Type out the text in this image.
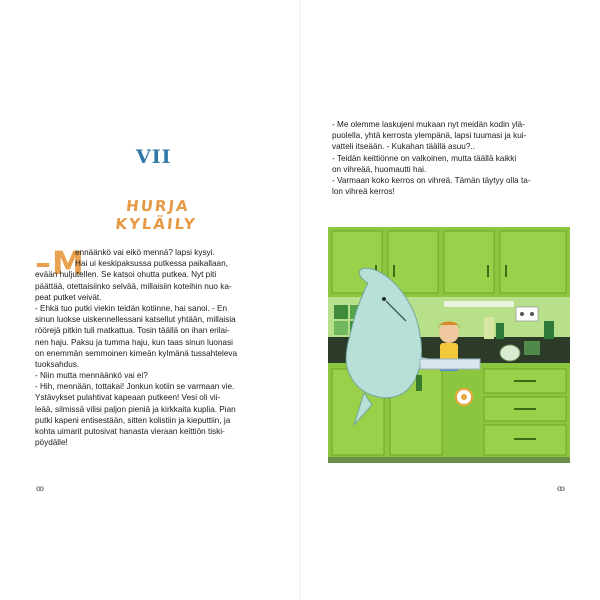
VII
HURJA KYLÄILY
– M
ennäänkö vai eikö mennä? lapsi kysyi.
Hai ui keskipaksussa putkessa paikallaan,
evään huljutellen. Se katsoi ohutta putkea. Nyt piti
päättää, otettaisiinko selvää, millaisiin koteihin nuo ka-
peat putket veivät.
- Ehkä tuo putki viekin teidän kotiinne, hai sanoi. - En
sinun luokse uiskennellessani katsellut yhtään, millaisia
röörejä pitkin tuli matkattua. Tosin täällä on ihan erilai-
nen haju. Paksu ja tumma haju, kun taas sinun luonasi
on enemmän semmoinen kimeän kylmänä tussahteleva
tuoksahdus.
- Niin mutta mennäänkö vai ei?
- Hih, mennään, tottakai! Jonkun kotiin se varmaan vie.
Ystävykset pulahtivat kapeaan putkeen! Vesi oli vii-
leää, silmissä vilisi paljon pieniä ja kirkkaita kuplia. Pian
putki kapeni entisestään, sitten kolistiin ja kieputtiin, ja
kohta uimarit putosivat hanasta vieraan keittiön tiski-
pöydälle!
ꝏ
- Me olemme laskujeni mukaan nyt meidän kodin ylä-
puolella, yhtä kerrosta ylempänä, lapsi tuumasi ja kui-
vatteli itseään. - Kukahan täällä asuu?..
- Teidän keittiönne on valkoinen, mutta täällä kaikki
on vihreää, huomautti hai.
- Varmaan koko kerros on vihreä. Tämän täytyy olla ta-
lon vihreä kerros!
ꝏ
